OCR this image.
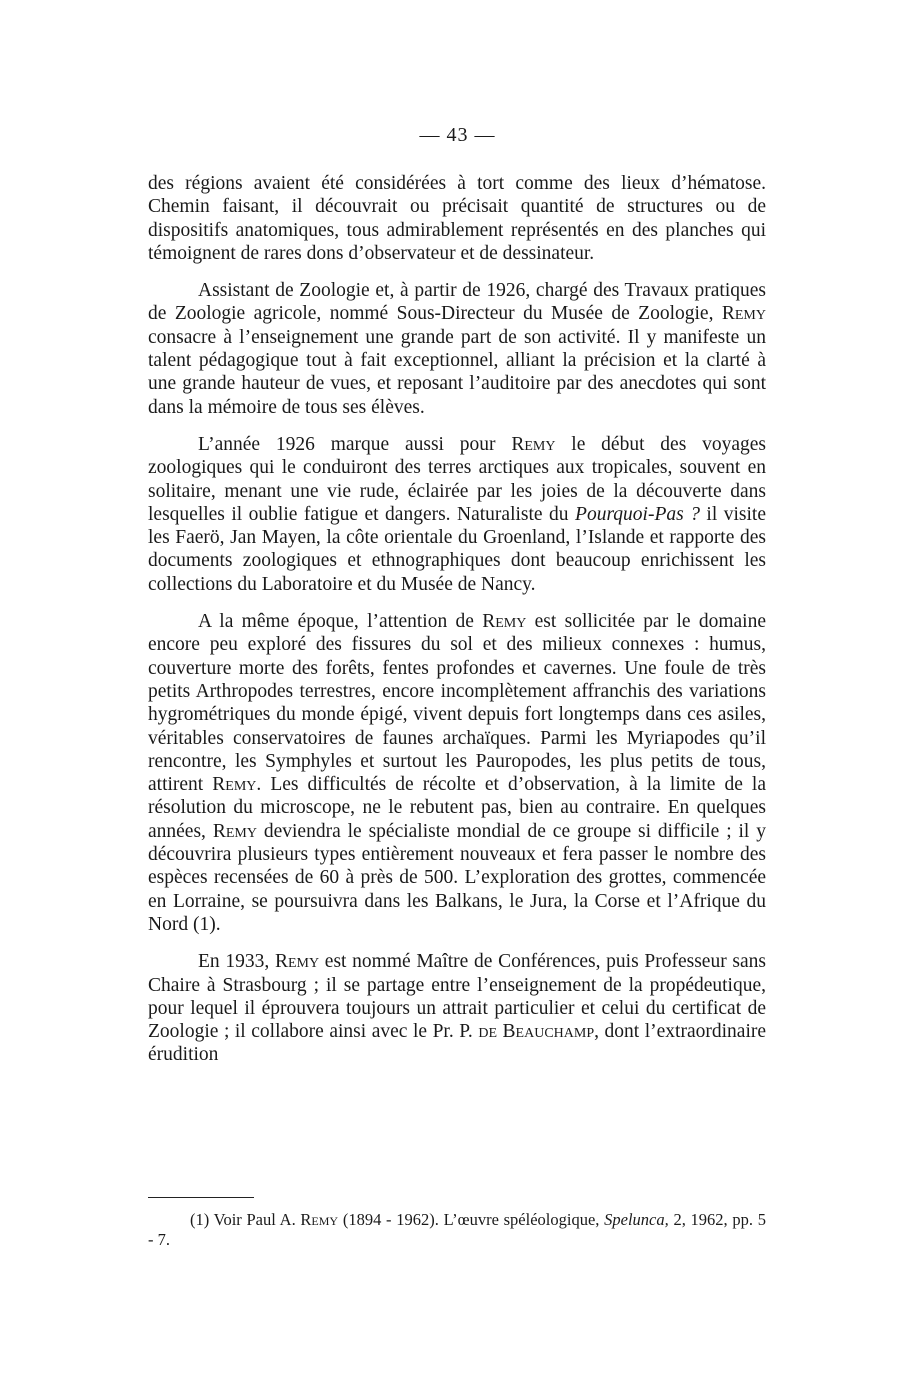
— 43 —

des régions avaient été considérées à tort comme des lieux d’hématose. Chemin faisant, il découvrait ou précisait quantité de structures ou de dispositifs anatomiques, tous admirablement représentés en des planches qui témoignent de rares dons d’observateur et de dessinateur.

Assistant de Zoologie et, à partir de 1926, chargé des Travaux pratiques de Zoologie agricole, nommé Sous-Directeur du Musée de Zoologie, Remy consacre à l’enseignement une grande part de son activité. Il y manifeste un talent pédagogique tout à fait exceptionnel, alliant la précision et la clarté à une grande hauteur de vues, et reposant l’auditoire par des anecdotes qui sont dans la mémoire de tous ses élèves.

L’année 1926 marque aussi pour Remy le début des voyages zoologiques qui le conduiront des terres arctiques aux tropicales, souvent en solitaire, menant une vie rude, éclairée par les joies de la découverte dans lesquelles il oublie fatigue et dangers. Naturaliste du Pourquoi-Pas ? il visite les Faerö, Jan Mayen, la côte orientale du Groenland, l’Islande et rapporte des documents zoologiques et ethnographiques dont beaucoup enrichissent les collections du Laboratoire et du Musée de Nancy.

A la même époque, l’attention de Remy est sollicitée par le domaine encore peu exploré des fissures du sol et des milieux connexes : humus, couverture morte des forêts, fentes profondes et cavernes. Une foule de très petits Arthropodes terrestres, encore incomplètement affranchis des variations hygrométriques du monde épigé, vivent depuis fort longtemps dans ces asiles, véritables conservatoires de faunes archaïques. Parmi les Myriapodes qu’il rencontre, les Symphyles et surtout les Pauropodes, les plus petits de tous, attirent Remy. Les difficultés de récolte et d’observation, à la limite de la résolution du microscope, ne le rebutent pas, bien au contraire. En quelques années, Remy deviendra le spécialiste mondial de ce groupe si difficile ; il y découvrira plusieurs types entièrement nouveaux et fera passer le nombre des espèces recensées de 60 à près de 500. L’exploration des grottes, commencée en Lorraine, se poursuivra dans les Balkans, le Jura, la Corse et l’Afrique du Nord (1).

En 1933, Remy est nommé Maître de Conférences, puis Professeur sans Chaire à Strasbourg ; il se partage entre l’enseignement de la propédeutique, pour lequel il éprouvera toujours un attrait particulier et celui du certificat de Zoologie ; il collabore ainsi avec le Pr. P. de Beauchamp, dont l’extraordinaire érudition

(1) Voir Paul A. Remy (1894 - 1962). L’œuvre spéléologique, Spelunca, 2, 1962, pp. 5 - 7.
